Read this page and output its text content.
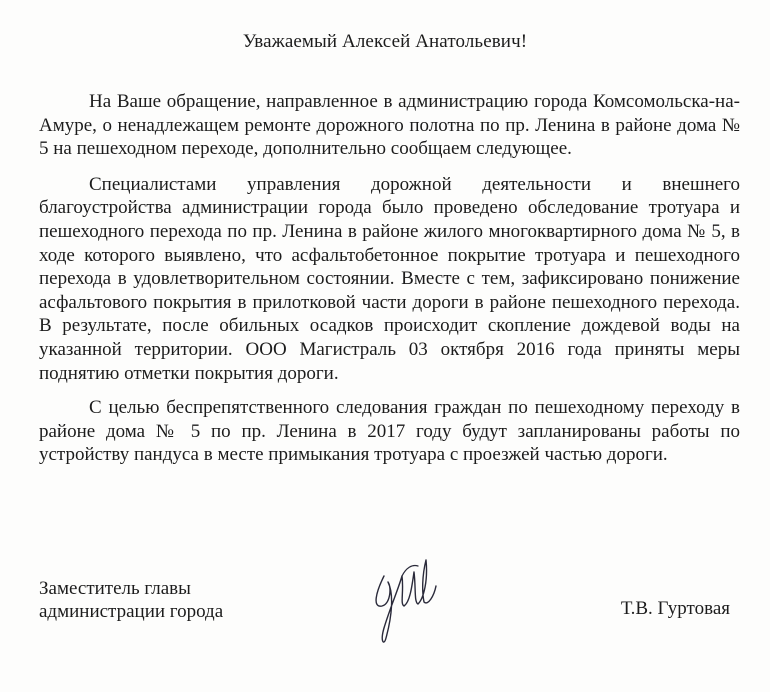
Уважаемый Алексей Анатольевич!

На Ваше обращение, направленное в администрацию города Комсомольска-на-Амуре, о ненадлежащем ремонте дорожного полотна по пр. Ленина в районе дома № 5 на пешеходном переходе, дополнительно сообщаем следующее.

Специалистами управления дорожной деятельности и внешнего благоустройства администрации города было проведено обследование тротуара и пешеходного перехода по пр. Ленина в районе жилого многоквартирного дома № 5, в ходе которого выявлено, что асфальтобетонное покрытие тротуара и пешеходного перехода в удовлетворительном состоянии. Вместе с тем, зафиксировано понижение асфальтового покрытия в прилотковой части дороги в районе пешеходного перехода. В результате, после обильных осадков происходит скопление дождевой воды на указанной территории. ООО Магистраль 03 октября 2016 года приняты меры поднятию отметки покрытия дороги.

С целью беспрепятственного следования граждан по пешеходному переходу в районе дома № 5 по пр. Ленина в 2017 году будут запланированы работы по устройству пандуса в месте примыкания тротуара с проезжей частью дороги.

Заместитель главы
администрации города	Т.В. Гуртовая
